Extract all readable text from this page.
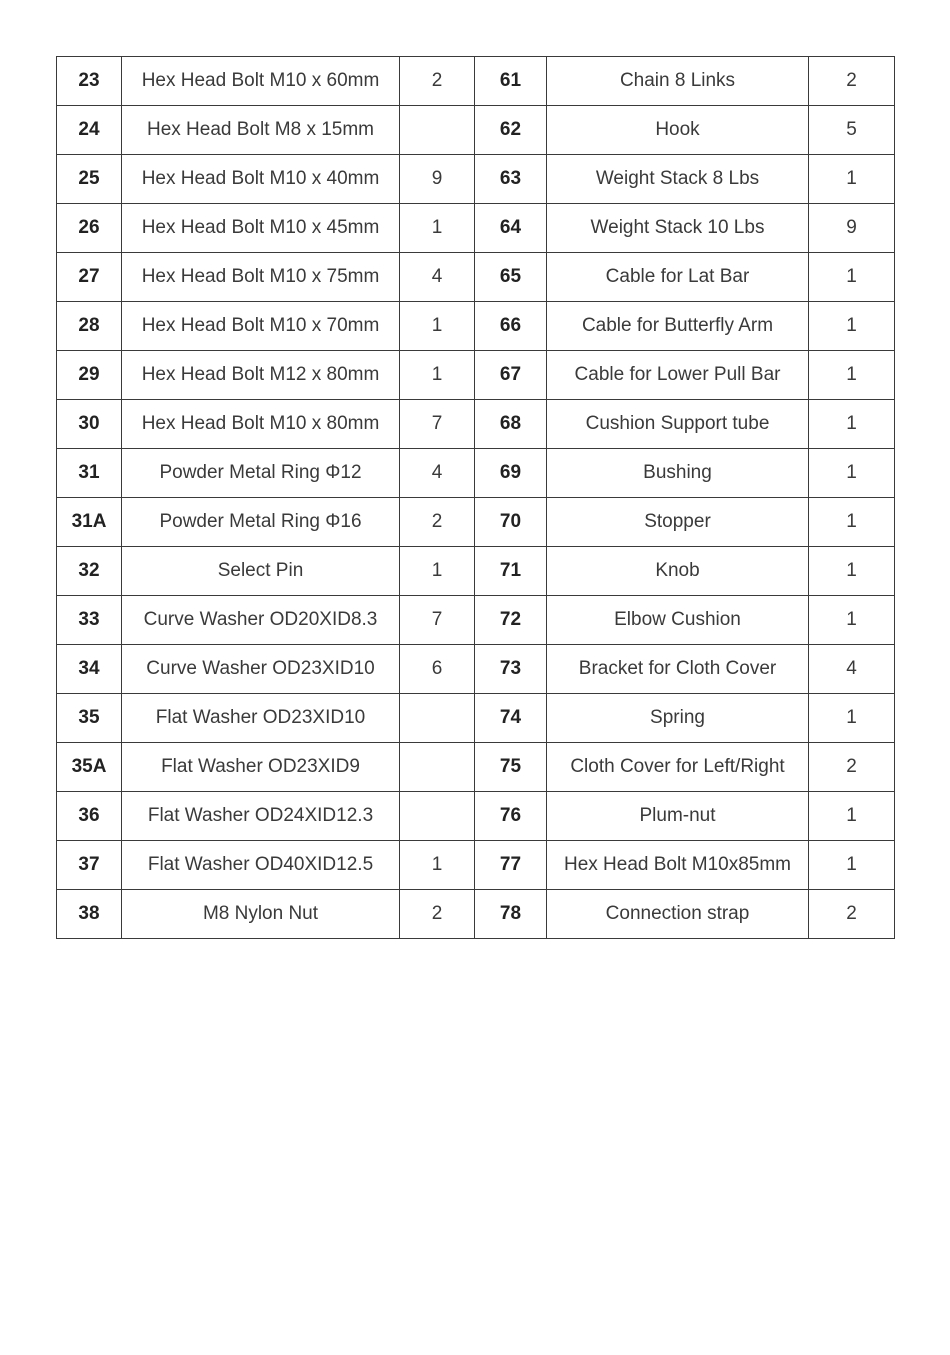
23	Hex Head Bolt M10 x 60mm	2	61	Chain 8 Links	2
24	Hex Head Bolt M8 x 15mm		62	Hook	5
25	Hex Head Bolt M10 x 40mm	9	63	Weight Stack 8 Lbs	1
26	Hex Head Bolt M10 x 45mm	1	64	Weight Stack 10 Lbs	9
27	Hex Head Bolt M10 x 75mm	4	65	Cable for Lat Bar	1
28	Hex Head Bolt M10 x 70mm	1	66	Cable for Butterfly Arm	1
29	Hex Head Bolt M12 x 80mm	1	67	Cable for Lower Pull Bar	1
30	Hex Head Bolt M10 x 80mm	7	68	Cushion Support tube	1
31	Powder Metal Ring Φ12	4	69	Bushing	1
31A	Powder Metal Ring Φ16	2	70	Stopper	1
32	Select Pin	1	71	Knob	1
33	Curve Washer OD20XID8.3	7	72	Elbow Cushion	1
34	Curve Washer OD23XID10	6	73	Bracket for Cloth Cover	4
35	Flat Washer OD23XID10		74	Spring	1
35A	Flat Washer OD23XID9		75	Cloth Cover for Left/Right	2
36	Flat Washer OD24XID12.3		76	Plum-nut	1
37	Flat Washer OD40XID12.5	1	77	Hex Head Bolt M10x85mm	1
38	M8 Nylon Nut	2	78	Connection strap	2
